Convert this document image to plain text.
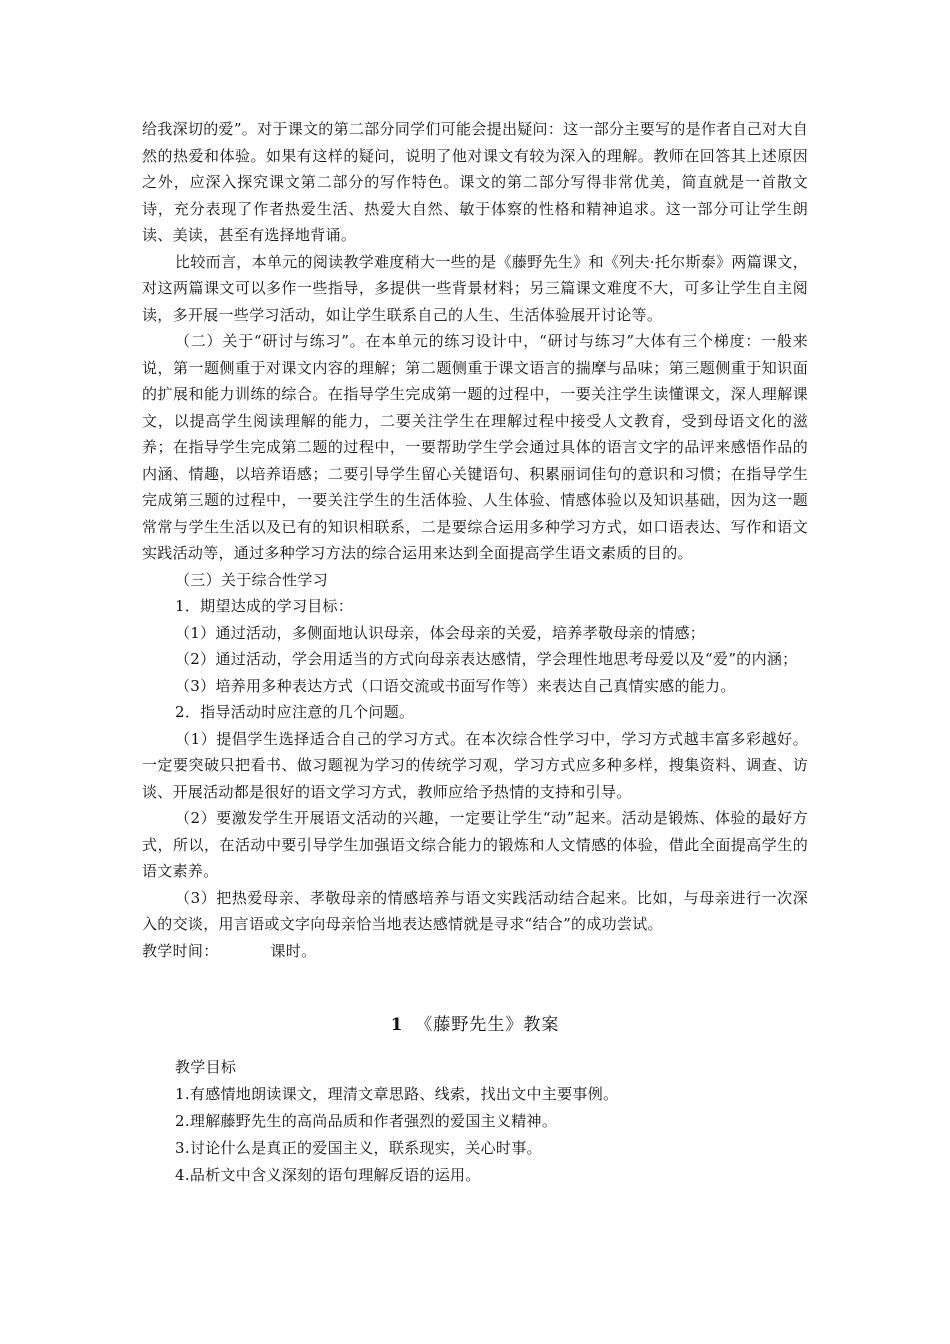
给我深切的爱”。对于课文的第二部分同学们可能会提出疑问：这一部分主要写的是作者自己对大自然的热爱和体验。如果有这样的疑问，说明了他对课文有较为深入的理解。教师在回答其上述原因之外，应深入探究课文第二部分的写作特色。课文的第二部分写得非常优美，简直就是一首散文诗，充分表现了作者热爱生活、热爱大自然、敏于体察的性格和精神追求。这一部分可让学生朗读、美读，甚至有选择地背诵。

比较而言，本单元的阅读教学难度稍大一些的是《藤野先生》和《列夫·托尔斯泰》两篇课文，对这两篇课文可以多作一些指导，多提供一些背景材料；另三篇课文难度不大，可多让学生自主阅读，多开展一些学习活动，如让学生联系自己的人生、生活体验展开讨论等。

（二）关于“研讨与练习”。在本单元的练习设计中，“研讨与练习”大体有三个梯度：一般来说，第一题侧重于对课文内容的理解；第二题侧重于课文语言的揣摩与品味；第三题侧重于知识面的扩展和能力训练的综合。在指导学生完成第一题的过程中，一要关注学生读懂课文，深人理解课文，以提高学生阅读理解的能力，二要关注学生在理解过程中接受人文教育，受到母语文化的滋养；在指导学生完成第二题的过程中，一要帮助学生学会通过具体的语言文字的品评来感悟作品的内涵、情趣，以培养语感；二要引导学生留心关键语句、积累丽词佳句的意识和习惯；在指导学生完成第三题的过程中，一要关注学生的生活体验、人生体验、情感体验以及知识基础，因为这一题常常与学生生活以及已有的知识相联系，二是要综合运用多种学习方式，如口语表达、写作和语文实践活动等，通过多种学习方法的综合运用来达到全面提高学生语文素质的目的。

（三）关于综合性学习

1．期望达成的学习目标：

（1）通过活动，多侧面地认识母亲，体会母亲的关爱，培养孝敬母亲的情感；

（2）通过活动，学会用适当的方式向母亲表达感情，学会理性地思考母爱以及“爱”的内涵；

（3）培养用多种表达方式（口语交流或书面写作等）来表达自己真情实感的能力。

2．指导活动时应注意的几个问题。

（1）提倡学生选择适合自己的学习方式。在本次综合性学习中，学习方式越丰富多彩越好。一定要突破只把看书、做习题视为学习的传统学习观，学习方式应多种多样，搜集资料、调查、访谈、开展活动都是很好的语文学习方式，教师应给予热情的支持和引导。

（2）要激发学生开展语文活动的兴趣，一定要让学生“动”起来。活动是锻炼、体验的最好方式，所以，在活动中要引导学生加强语文综合能力的锻炼和人文情感的体验，借此全面提高学生的语文素养。

（3）把热爱母亲、孝敬母亲的情感培养与语文实践活动结合起来。比如，与母亲进行一次深入的交谈，用言语或文字向母亲恰当地表达感情就是寻求“结合”的成功尝试。

教学时间：	课时。

1 《藤野先生》教案

教学目标

1.有感情地朗读课文，理清文章思路、线索，找出文中主要事例。

2.理解藤野先生的高尚品质和作者强烈的爱国主义精神。

3.讨论什么是真正的爱国主义，联系现实，关心时事。

4.品析文中含义深刻的语句理解反语的运用。
